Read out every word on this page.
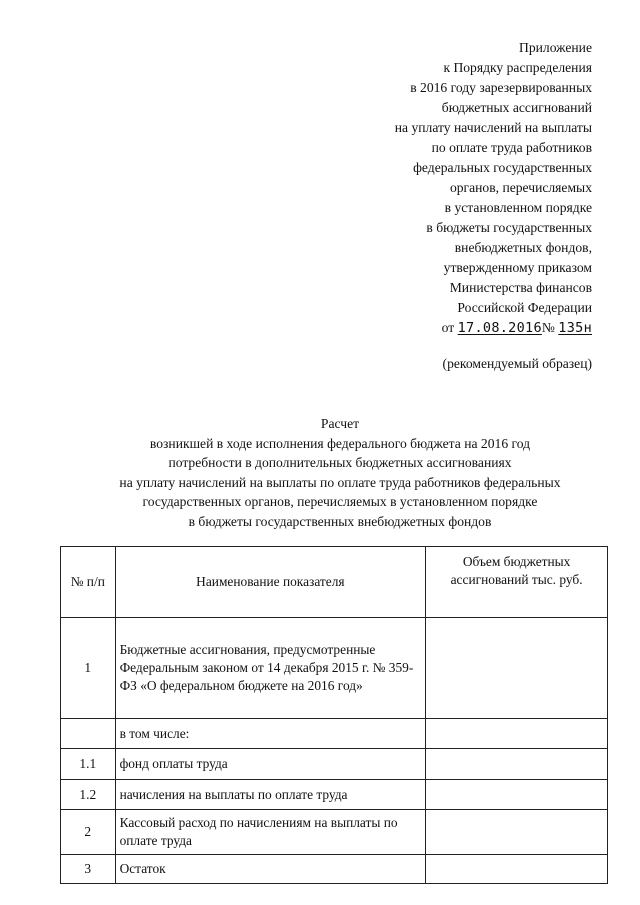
Приложение
к Порядку распределения
в 2016 году зарезервированных
бюджетных ассигнований
на уплату начислений на выплаты
по оплате труда работников
федеральных государственных
органов, перечисляемых
в установленном порядке
в бюджеты государственных
внебюджетных фондов,
утвержденному приказом
Министерства финансов
Российской Федерации
от 17.08.2016№ 135н
(рекомендуемый образец)
Расчет
возникшей в ходе исполнения федерального бюджета на 2016 год
потребности в дополнительных бюджетных ассигнованиях
на уплату начислений на выплаты по оплате труда работников федеральных
государственных органов, перечисляемых в установленном порядке
в бюджеты государственных внебюджетных фондов
№ п/п	Наименование показателя	Объем бюджетных ассигнований тыс. руб.
1	Бюджетные ассигнования, предусмотренные Федеральным законом от 14 декабря 2015 г. № 359-ФЗ «О федеральном бюджете на 2016 год»	

	в том числе:	

1.1	фонд оплаты труда	

1.2	начисления на выплаты по оплате труда	

2	Кассовый расход по начислениям на выплаты по оплате труда	

3	Остаток	
